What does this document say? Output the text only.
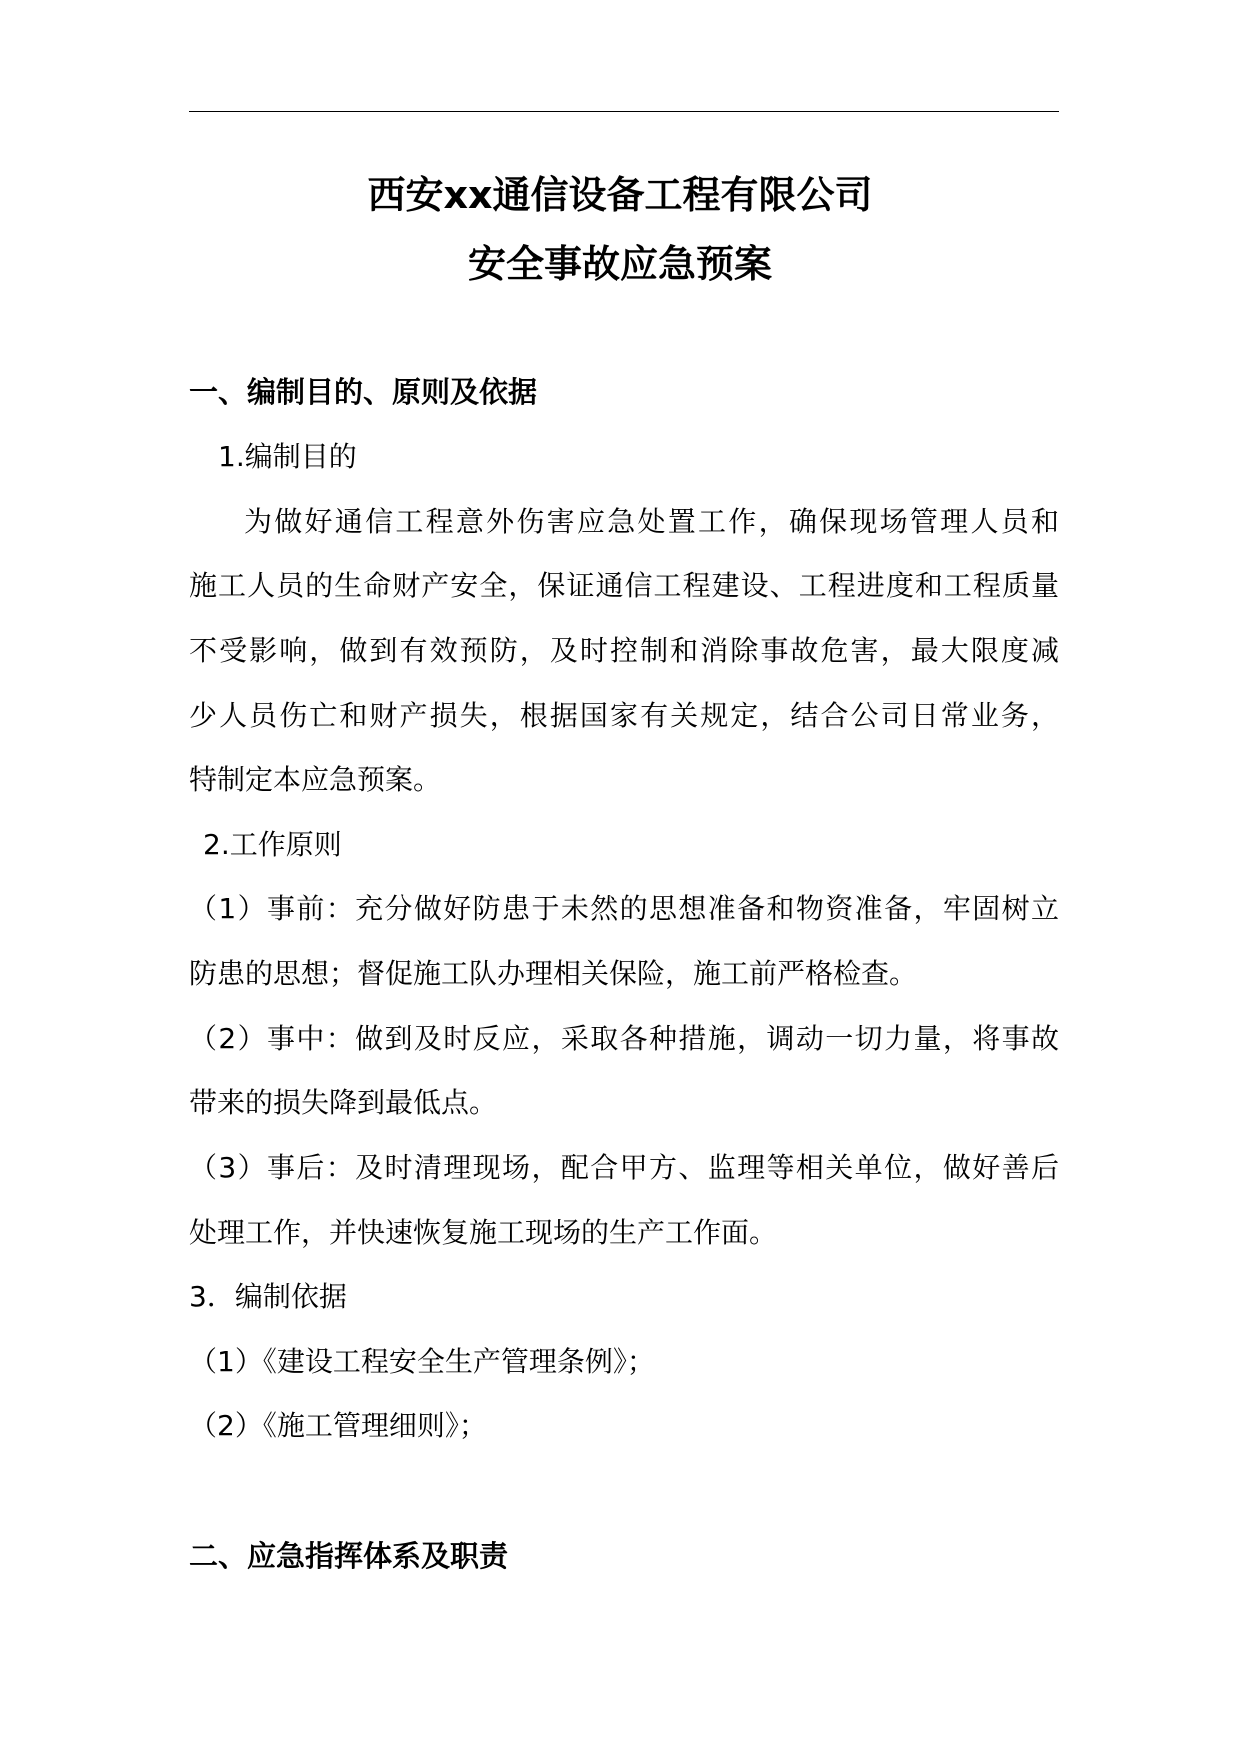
西安xx通信设备工程有限公司
安全事故应急预案
一、编制目的、原则及依据
1.编制目的
为做好通信工程意外伤害应急处置工作，确保现场管理人员和
施工人员的生命财产安全，保证通信工程建设、工程进度和工程质量
不受影响，做到有效预防，及时控制和消除事故危害，最大限度减
少人员伤亡和财产损失，根据国家有关规定，结合公司日常业务，
特制定本应急预案。
2.工作原则
（1）事前：充分做好防患于未然的思想准备和物资准备，牢固树立
防患的思想；督促施工队办理相关保险，施工前严格检查。
（2）事中：做到及时反应，采取各种措施，调动一切力量，将事故
带来的损失降到最低点。
（3）事后：及时清理现场，配合甲方、监理等相关单位，做好善后
处理工作，并快速恢复施工现场的生产工作面。
3．编制依据
（1）《建设工程安全生产管理条例》；
（2）《施工管理细则》；
二、应急指挥体系及职责
